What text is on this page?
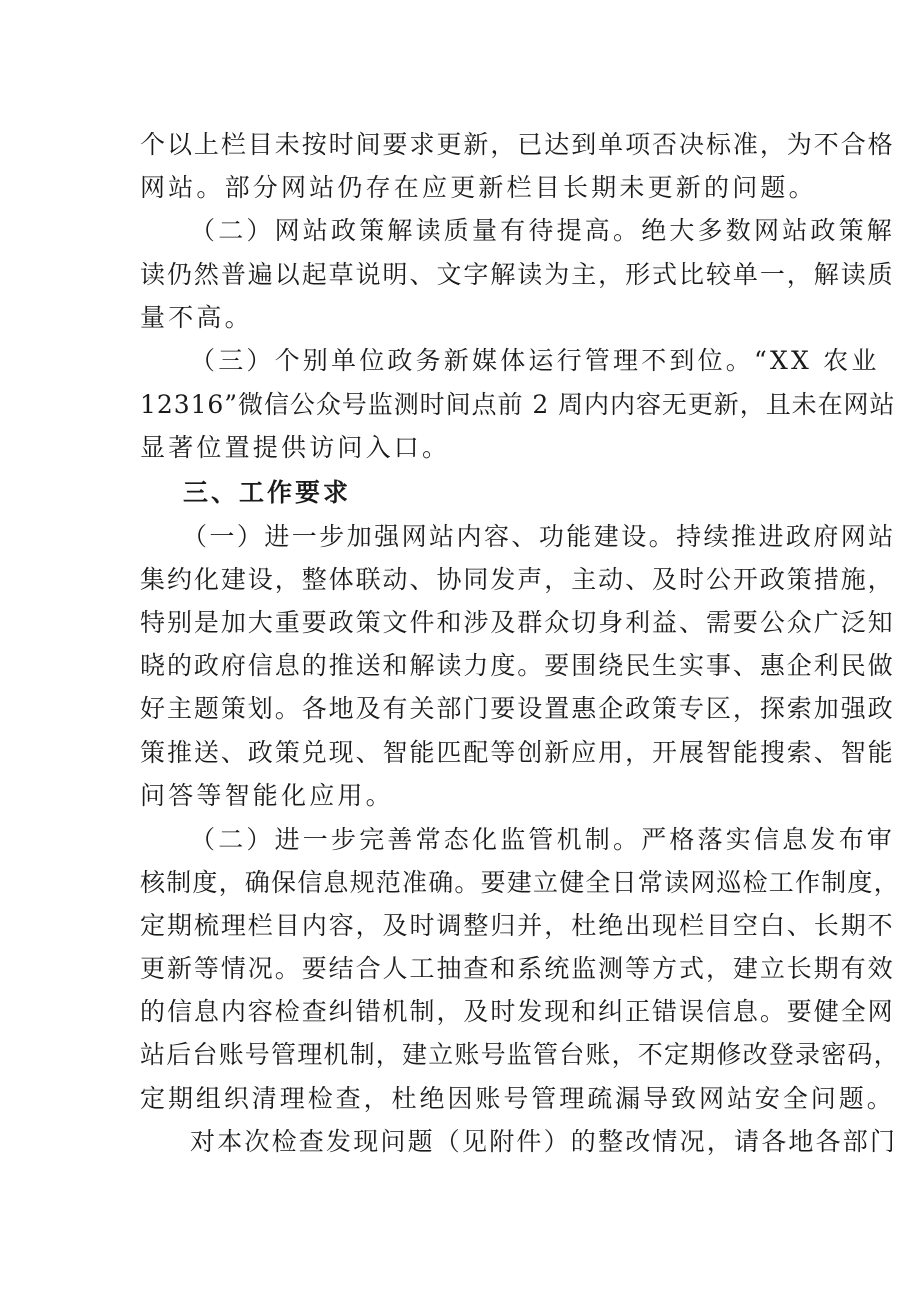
个以上栏目未按时间要求更新，已达到单项否决标准，为不合格
网站。部分网站仍存在应更新栏目长期未更新的问题。
（二）网站政策解读质量有待提高。绝大多数网站政策解
读仍然普遍以起草说明、文字解读为主，形式比较单一，解读质
量不高。
（三）个别单位政务新媒体运行管理不到位。“XX 农业
12316”微信公众号监测时间点前 2 周内内容无更新，且未在网站
显著位置提供访问入口。
三、工作要求
（一）进一步加强网站内容、功能建设。持续推进政府网站
集约化建设，整体联动、协同发声，主动、及时公开政策措施，
特别是加大重要政策文件和涉及群众切身利益、需要公众广泛知
晓的政府信息的推送和解读力度。要围绕民生实事、惠企利民做
好主题策划。各地及有关部门要设置惠企政策专区，探索加强政
策推送、政策兑现、智能匹配等创新应用，开展智能搜索、智能
问答等智能化应用。
（二）进一步完善常态化监管机制。严格落实信息发布审
核制度，确保信息规范准确。要建立健全日常读网巡检工作制度，
定期梳理栏目内容，及时调整归并，杜绝出现栏目空白、长期不
更新等情况。要结合人工抽查和系统监测等方式，建立长期有效
的信息内容检查纠错机制，及时发现和纠正错误信息。要健全网
站后台账号管理机制，建立账号监管台账，不定期修改登录密码，
定期组织清理检查，杜绝因账号管理疏漏导致网站安全问题。
对本次检查发现问题（见附件）的整改情况，请各地各部门
